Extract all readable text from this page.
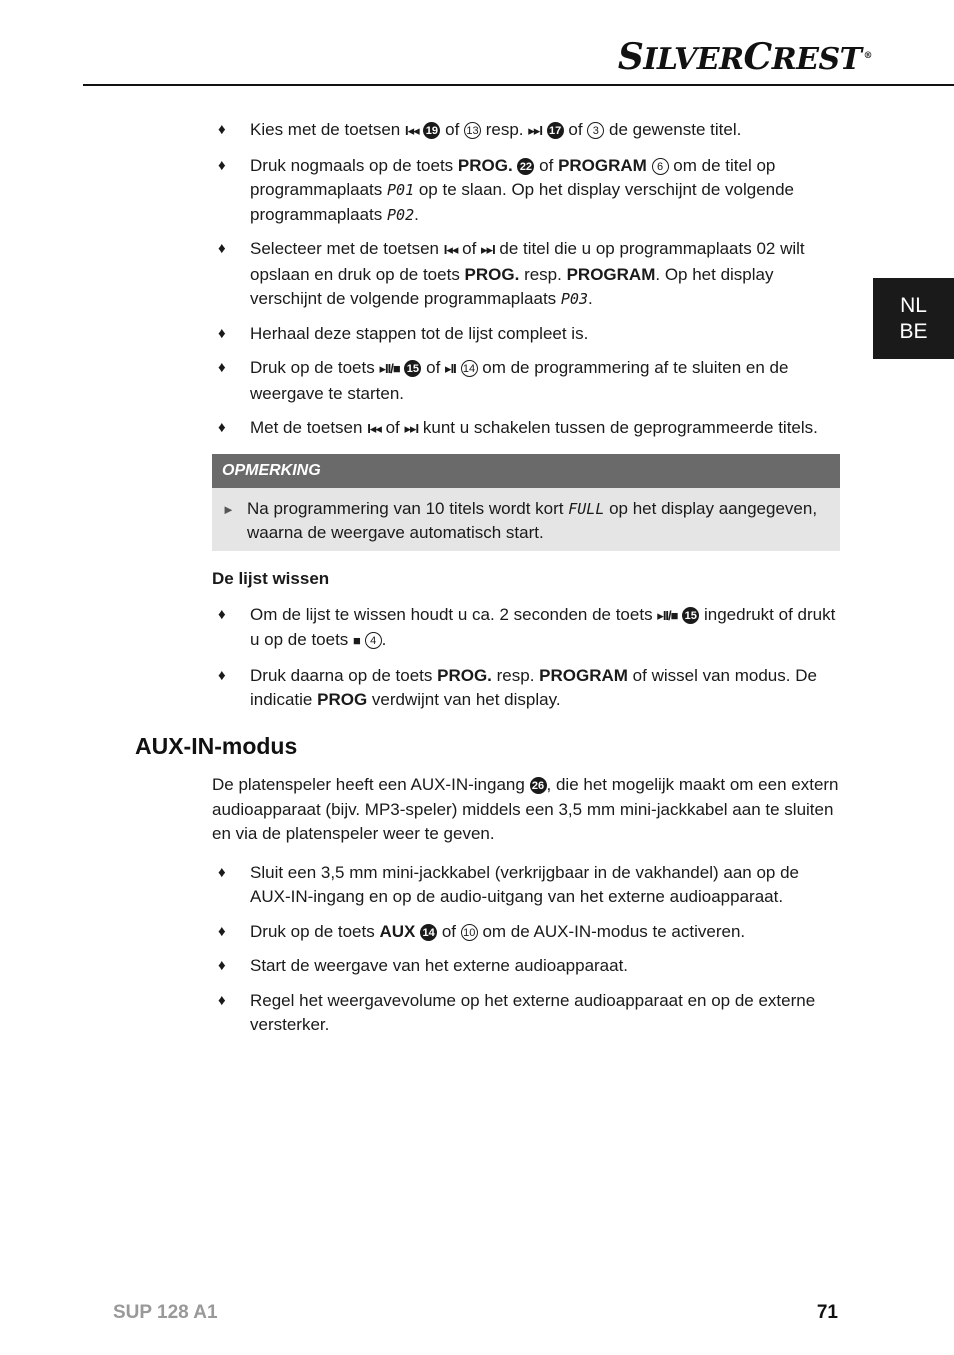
SILVERCREST ®
NL
BE
♦ Kies met de toetsen I◂◂ 19 of 13 resp. ▸▸I 17 of 3 de gewenste titel.
♦ Druk nogmaals op de toets PROG. 22 of PROGRAM 6 om de titel op programmaplaats P01 op te slaan. Op het display verschijnt de volgende programmaplaats P02.
♦ Selecteer met de toetsen I◂◂ of ▸▸I de titel die u op programmaplaats 02 wilt opslaan en druk op de toets PROG. resp. PROGRAM. Op het display verschijnt de volgende programmaplaats P03.
♦ Herhaal deze stappen tot de lijst compleet is.
♦ Druk op de toets ▸II/■ 15 of ▸II 14 om de programmering af te sluiten en de weergave te starten.
♦ Met de toetsen I◂◂ of ▸▸I kunt u schakelen tussen de geprogrammeerde titels.
OPMERKING
► Na programmering van 10 titels wordt kort FULL op het display aangegeven, waarna de weergave automatisch start.
De lijst wissen
♦ Om de lijst te wissen houdt u ca. 2 seconden de toets ▸II/■ 15 ingedrukt of drukt u op de toets ■ 4 .
♦ Druk daarna op de toets PROG. resp. PROGRAM of wissel van modus. De indicatie PROG verdwijnt van het display.
AUX-IN-modus
De platenspeler heeft een AUX-IN-ingang 26 , die het mogelijk maakt om een extern audioapparaat (bijv. MP3-speler) middels een 3,5 mm mini-jackkabel aan te sluiten en via de platenspeler weer te geven.
♦ Sluit een 3,5 mm mini-jackkabel (verkrijgbaar in de vakhandel) aan op de AUX-IN-ingang en op de audio-uitgang van het externe audioapparaat.
♦ Druk op de toets AUX 14 of 10 om de AUX-IN-modus te activeren.
♦ Start de weergave van het externe audioapparaat.
♦ Regel het weergavevolume op het externe audioapparaat en op de externe versterker.
SUP 128 A1	71
